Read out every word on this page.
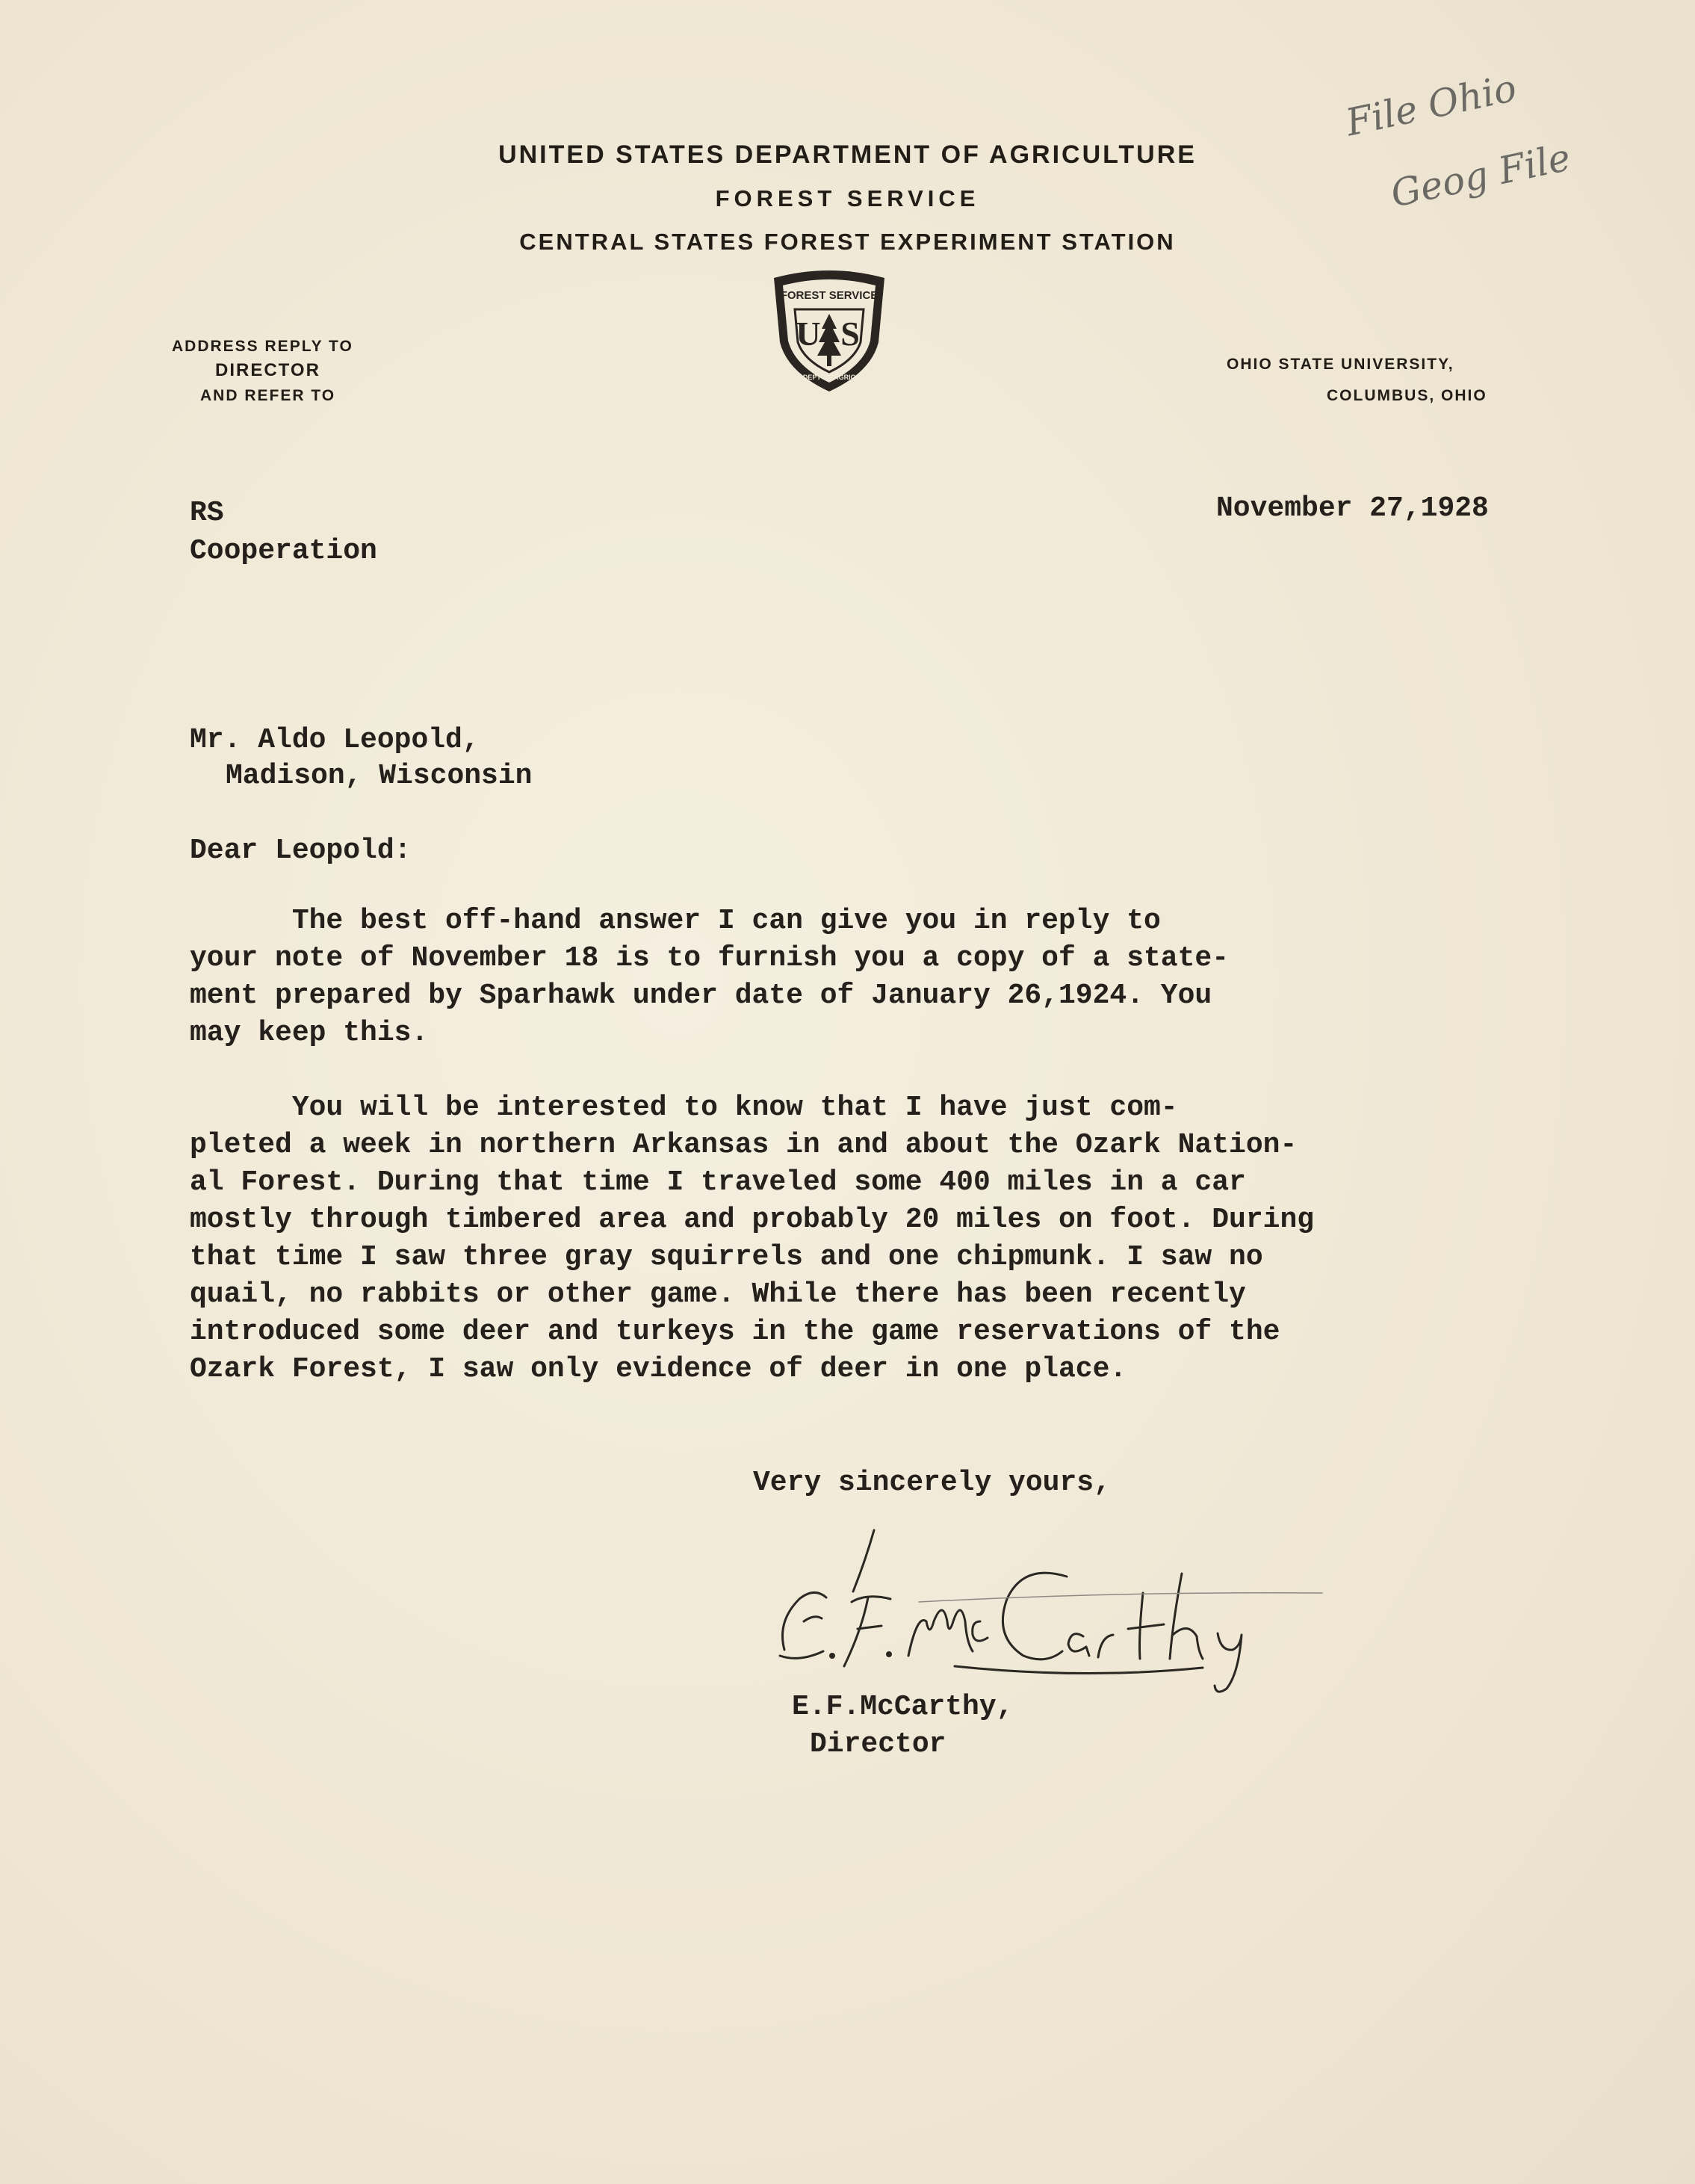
UNITED STATES DEPARTMENT OF AGRICULTURE
FOREST SERVICE
CENTRAL STATES FOREST EXPERIMENT STATION
FOREST SERVICE
U S
DEPT OF AGRIC
ADDRESS REPLY TO
DIRECTOR
AND REFER TO
OHIO STATE UNIVERSITY,
COLUMBUS, OHIO
File Ohio
Geog File
RS
Cooperation
November 27,1928
Mr. Aldo Leopold,
Madison, Wisconsin
Dear Leopold:
The best off-hand answer I can give you in reply to
your note of November 18 is to furnish you a copy of a state-
ment prepared by Sparhawk under date of January 26,1924. You
may keep this.
You will be interested to know that I have just com-
pleted a week in northern Arkansas in and about the Ozark Nation-
al Forest. During that time I traveled some 400 miles in a car
mostly through timbered area and probably 20 miles on foot. During
that time I saw three gray squirrels and one chipmunk. I saw no
quail, no rabbits or other game. While there has been recently
introduced some deer and turkeys in the game reservations of the
Ozark Forest, I saw only evidence of deer in one place.
Very sincerely yours,
E.F.McCarthy,
Director
